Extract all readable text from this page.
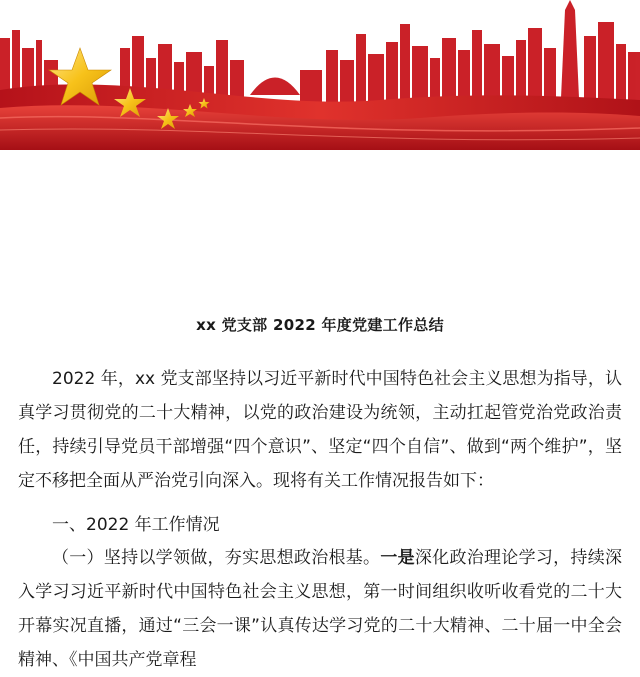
xx 党支部 2022 年度党建工作总结
2022 年，xx 党支部坚持以习近平新时代中国特色社会主义思想为指导，认真学习贯彻党的二十大精神，以党的政治建设为统领，主动扛起管党治党政治责任，持续引导党员干部增强“四个意识”、坚定“四个自信”、做到“两个维护”，坚定不移把全面从严治党引向深入。现将有关工作情况报告如下：
一、2022 年工作情况
（一）坚持以学领做，夯实思想政治根基。一是深化政治理论学习，持续深入学习习近平新时代中国特色社会主义思想，第一时间组织收听收看党的二十大开幕实况直播，通过“三会一课”认真传达学习党的二十大精神、二十届一中全会精神、《中国共产党章程
